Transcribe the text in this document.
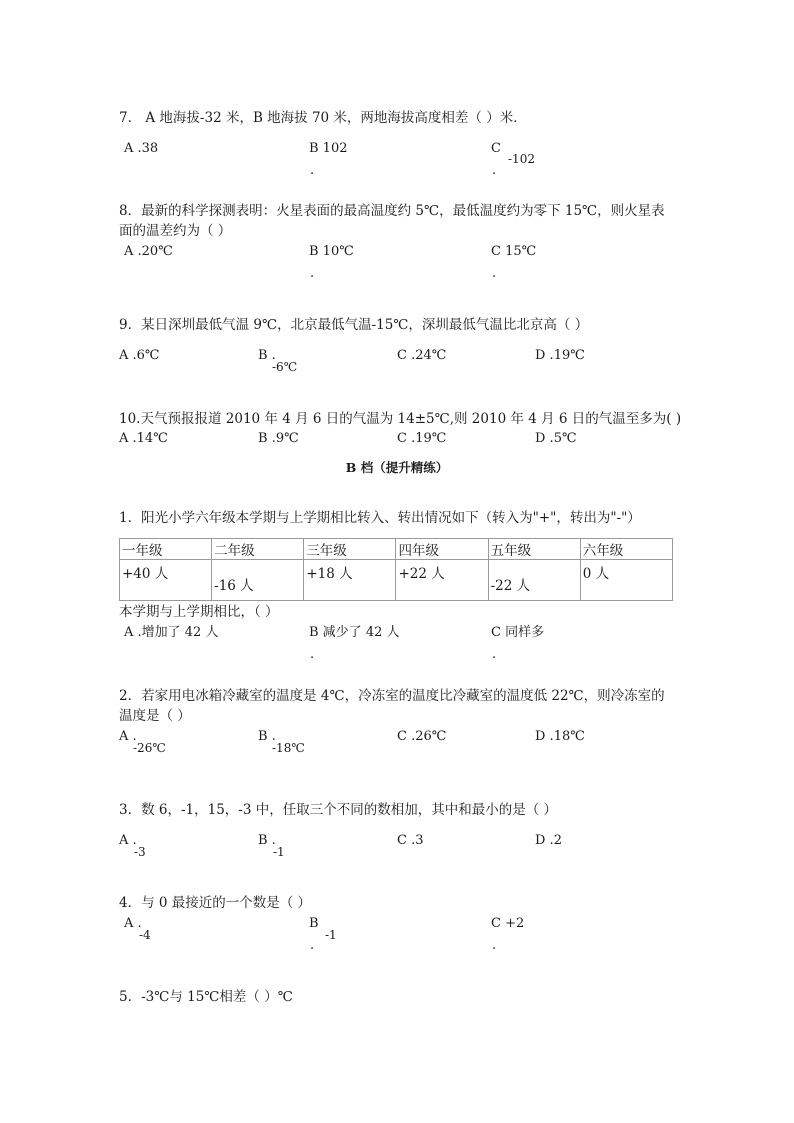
7． A 地海拔-32 米，B 地海拔 70 米，两地海拔高度相差（ ）米．
A .38	B 102
.
C
-102
.
8．最新的科学探测表明：火星表面的最高温度约 5℃，最低温度约为零下 15℃，则火星表
面的温差约为（ ）
A .20℃	B 10℃
.
C 15℃
.
9．某日深圳最低气温 9℃，北京最低气温-15℃，深圳最低气温比北京高（ ）
A .6℃	B .
-6℃
C .24℃	D .19℃
10.天气预报报道 2010 年 4 月 6 日的气温为 14±5℃,则 2010 年 4 月 6 日的气温至多为( )
A .14℃	B .9℃	C .19℃	D .5℃
B 档（提升精练）
1．阳光小学六年级本学期与上学期相比转入、转出情况如下（转入为"+"，转出为"-"）
一年级	二年级	三年级	四年级	五年级	六年级

+40 人	-16 人	+18 人	+22 人	-22 人	0 人
本学期与上学期相比，（ ）
A .增加了 42 人	B 减少了 42 人
.
C 同样多
.
2．若家用电冰箱冷藏室的温度是 4℃，冷冻室的温度比冷藏室的温度低 22℃，则冷冻室的
温度是（ ）
A .
-26℃
B .
-18℃
C .26℃	D .18℃
3．数 6，-1，15，-3 中，任取三个不同的数相加，其中和最小的是（ ）
A .
-3
B .
-1
C .3	D .2
4．与 0 最接近的一个数是（ ）
A .
-4
B
-1
.
C +2
.
5．-3℃与 15℃相差（ ）℃
